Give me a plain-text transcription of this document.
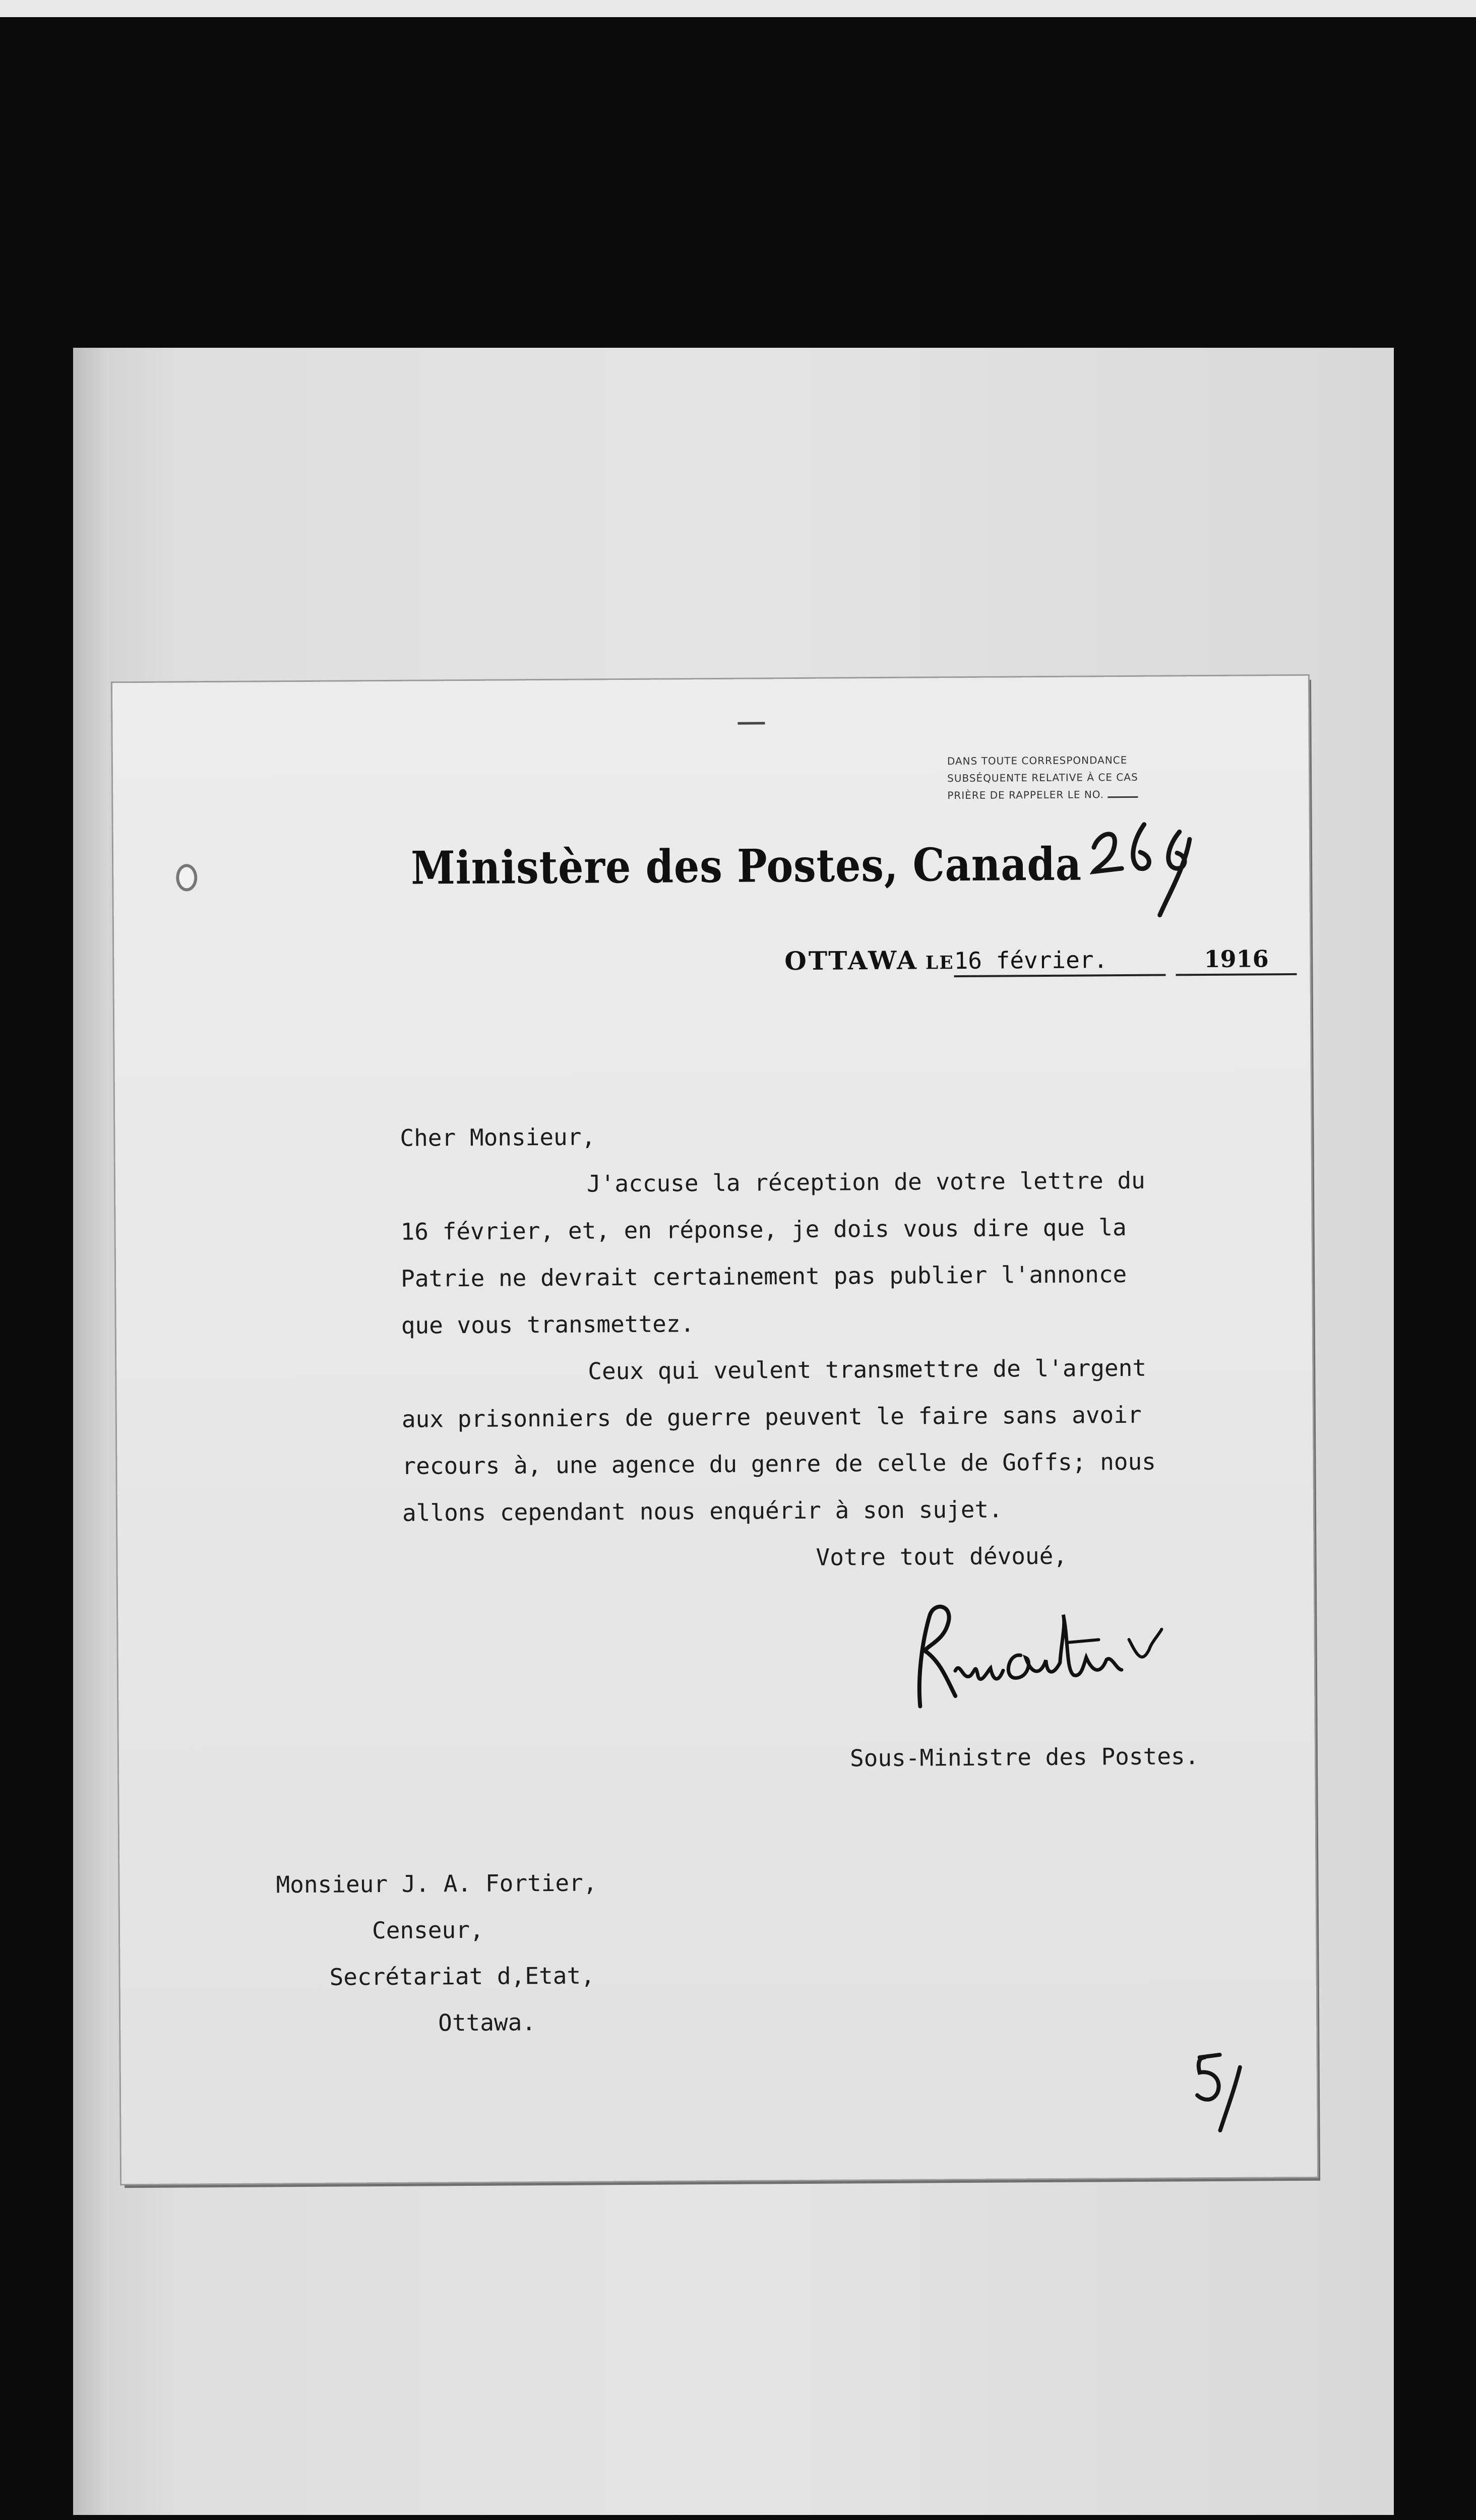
DANS TOUTE CORRESPONDANCE
SUBSÉQUENTE RELATIVE À CE CAS
PRIÈRE DE RAPPELER LE NO.
Ministère des Postes, Canada
OTTAWA LE16 février.	1916
Cher Monsieur,
J'accuse la réception de votre lettre du
16 février, et, en réponse, je dois vous dire que la
Patrie ne devrait certainement pas publier l'annonce
que vous transmettez.
Ceux qui veulent transmettre de l'argent
aux prisonniers de guerre peuvent le faire sans avoir
recours à, une agence du genre de celle de Goffs; nous
allons cependant nous enquérir à son sujet.
Votre tout dévoué,
Sous-Ministre des Postes.
Monsieur J. A. Fortier,
Censeur,
Secrétariat d,Etat,
Ottawa.
